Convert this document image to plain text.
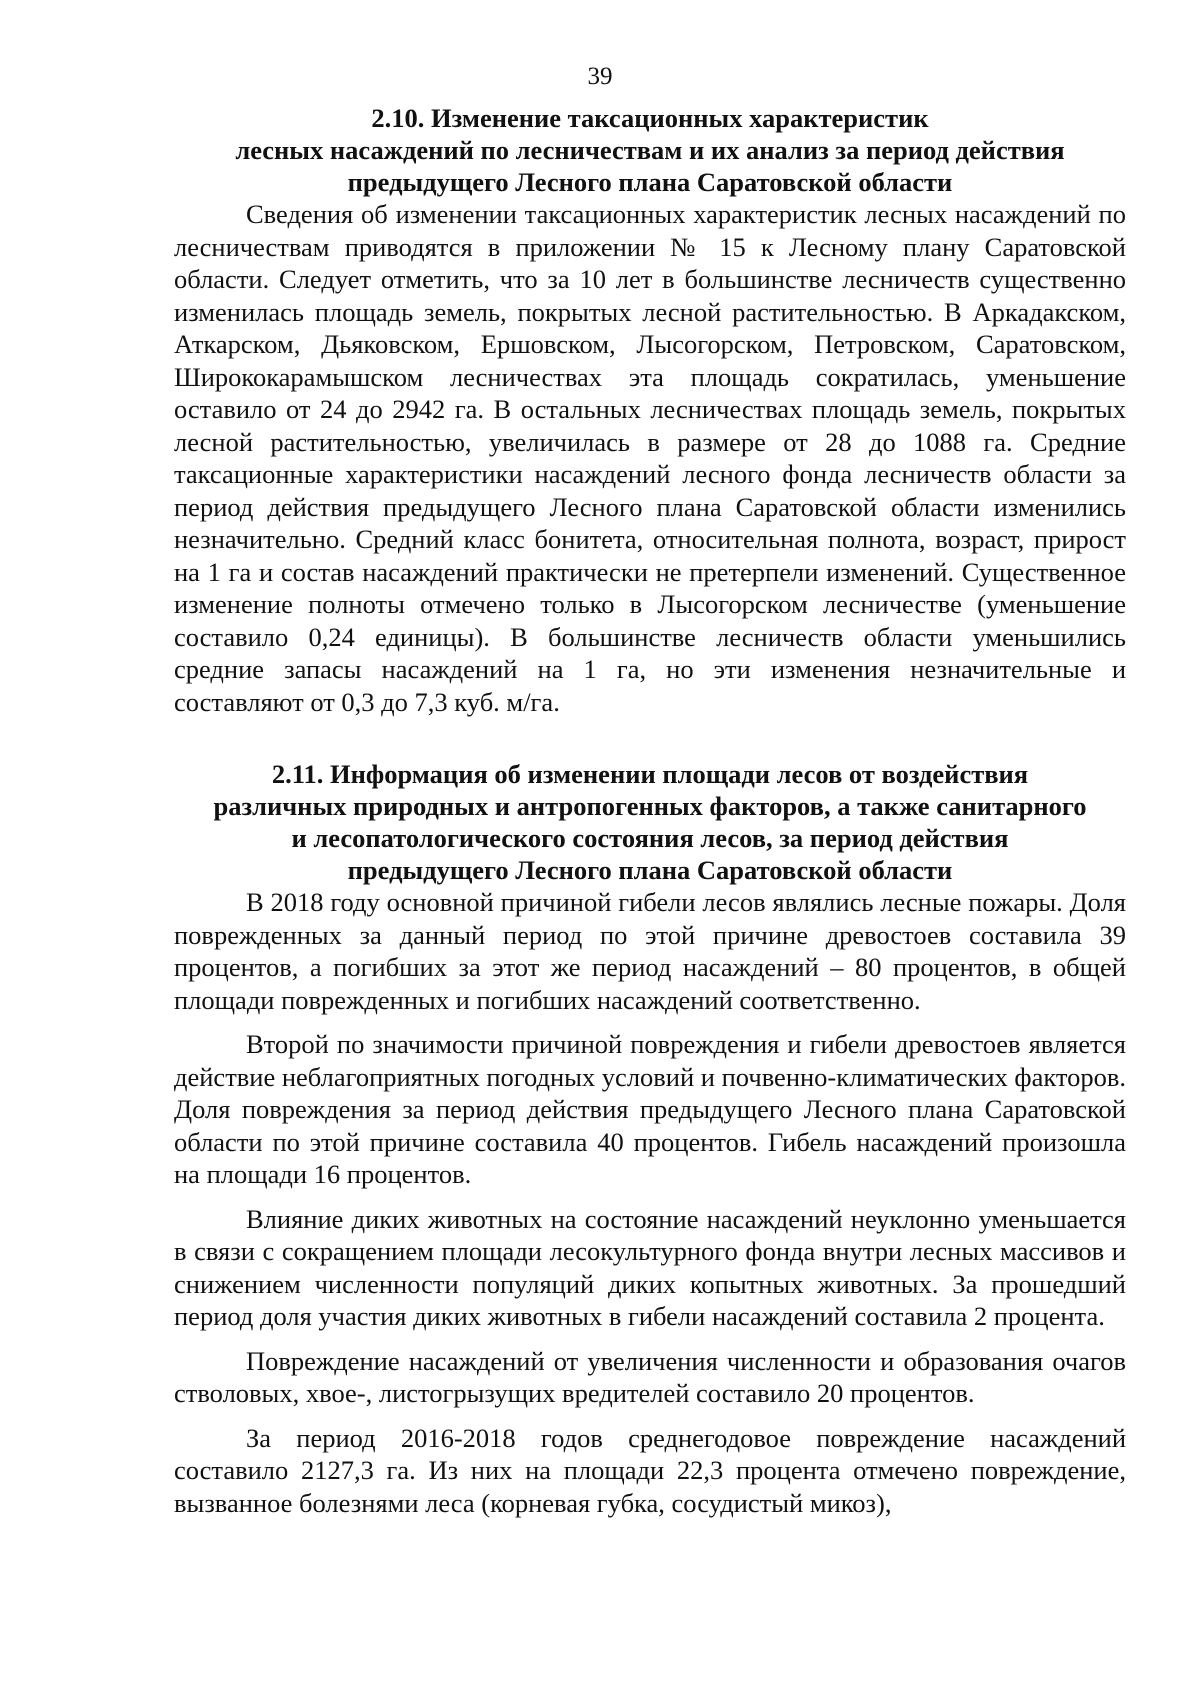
39
2.10. Изменение таксационных характеристик
лесных насаждений по лесничествам и их анализ за период действия
предыдущего Лесного плана Саратовской области

Сведения об изменении таксационных характеристик лесных насаждений по лесничествам приводятся в приложении № 15 к Лесному плану Саратовской области. Следует отметить, что за 10 лет в большинстве лесничеств существенно изменилась площадь земель, покрытых лесной растительностью. В Аркадакском, Аткарском, Дьяковском, Ершовском, Лысогорском, Петровском, Саратовском, Ширококарамышском лесничествах эта площадь сократилась, уменьшение оставило от 24 до 2942 га. В остальных лесничествах площадь земель, покрытых лесной растительностью, увеличилась в размере от 28 до 1088 га. Средние таксационные характеристики насаждений лесного фонда лесничеств области за период действия предыдущего Лесного плана Саратовской области изменились незначительно. Средний класс бонитета, относительная полнота, возраст, прирост на 1 га и состав насаждений практически не претерпели изменений. Существенное изменение полноты отмечено только в Лысогорском лесничестве (уменьшение составило 0,24 единицы). В большинстве лесничеств области уменьшились средние запасы насаждений на 1 га, но эти изменения незначительные и составляют от 0,3 до 7,3 куб. м/га.

2.11. Информация об изменении площади лесов от воздействия
различных природных и антропогенных факторов, а также санитарного
и лесопатологического состояния лесов, за период действия
предыдущего Лесного плана Саратовской области

В 2018 году основной причиной гибели лесов являлись лесные пожары. Доля поврежденных за данный период по этой причине древостоев составила 39 процентов, а погибших за этот же период насаждений – 80 процентов, в общей площади поврежденных и погибших насаждений соответственно.

Второй по значимости причиной повреждения и гибели древостоев является действие неблагоприятных погодных условий и почвенно-климатических факторов. Доля повреждения за период действия предыдущего Лесного плана Саратовской области по этой причине составила 40 процентов. Гибель насаждений произошла на площади 16 процентов.

Влияние диких животных на состояние насаждений неуклонно уменьшается в связи с сокращением площади лесокультурного фонда внутри лесных массивов и снижением численности популяций диких копытных животных. За прошедший период доля участия диких животных в гибели насаждений составила 2 процента.

Повреждение насаждений от увеличения численности и образования очагов стволовых, хвое-, листогрызущих вредителей составило 20 процентов.

За период 2016-2018 годов среднегодовое повреждение насаждений составило 2127,3 га. Из них на площади 22,3 процента отмечено повреждение, вызванное болезнями леса (корневая губка, сосудистый микоз),
